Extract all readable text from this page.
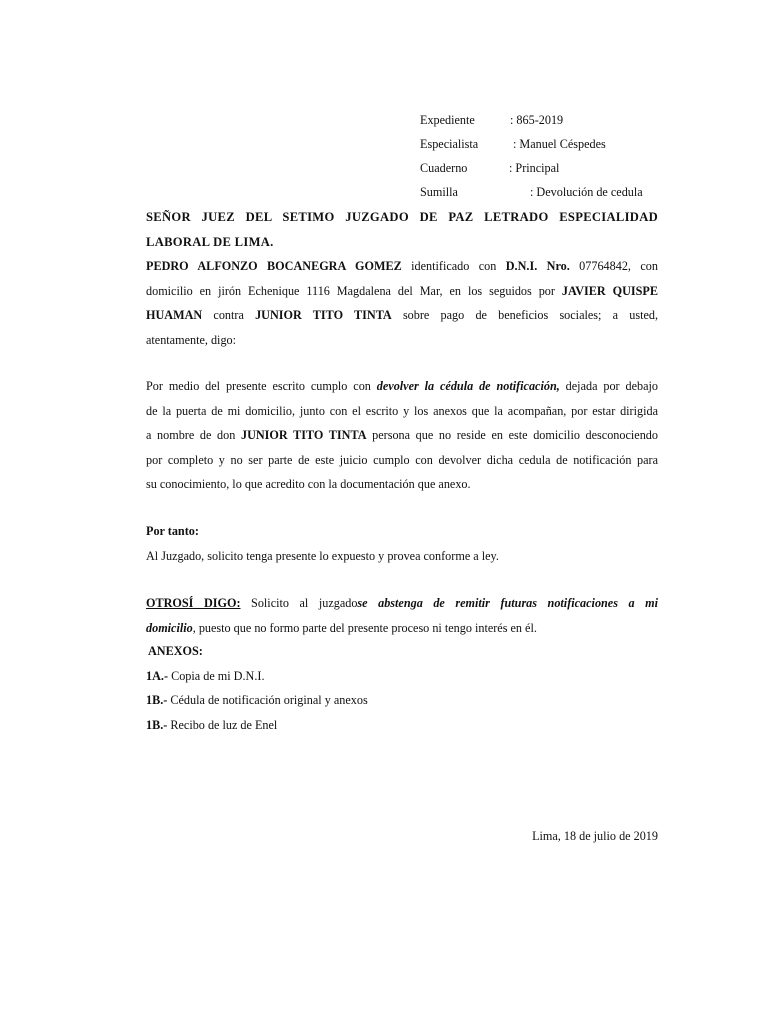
Expediente	: 865-2019
Especialista	: Manuel Céspedes
Cuaderno	: Principal
Sumilla	: Devolución de cedula
SEÑOR JUEZ DEL SETIMO JUZGADO DE PAZ LETRADO ESPECIALIDAD
LABORAL DE LIMA.
PEDRO ALFONZO BOCANEGRA GOMEZ identificado con D.N.I. Nro. 07764842, con
domicilio en jirón Echenique 1116 Magdalena del Mar, en los seguidos por JAVIER QUISPE
HUAMAN contra JUNIOR TITO TINTA sobre pago de beneficios sociales; a usted,
atentamente, digo:
Por medio del presente escrito cumplo con devolver la cédula de notificación, dejada por debajo
de la puerta de mi domicilio, junto con el escrito y los anexos que la acompañan, por estar dirigida
a nombre de don JUNIOR TITO TINTA persona que no reside en este domicilio desconociendo
por completo y no ser parte de este juicio cumplo con devolver dicha cedula de notificación para
su conocimiento, lo que acredito con la documentación que anexo.
Por tanto:
Al Juzgado, solicito tenga presente lo expuesto y provea conforme a ley.
OTROSÍ DIGO: Solicito al juzgadose abstenga de remitir futuras notificaciones a mi
domicilio, puesto que no formo parte del presente proceso ni tengo interés en él.
ANEXOS:
1A.- Copia de mi D.N.I.
1B.- Cédula de notificación original y anexos
1B.- Recibo de luz de Enel
Lima, 18 de julio de 2019
